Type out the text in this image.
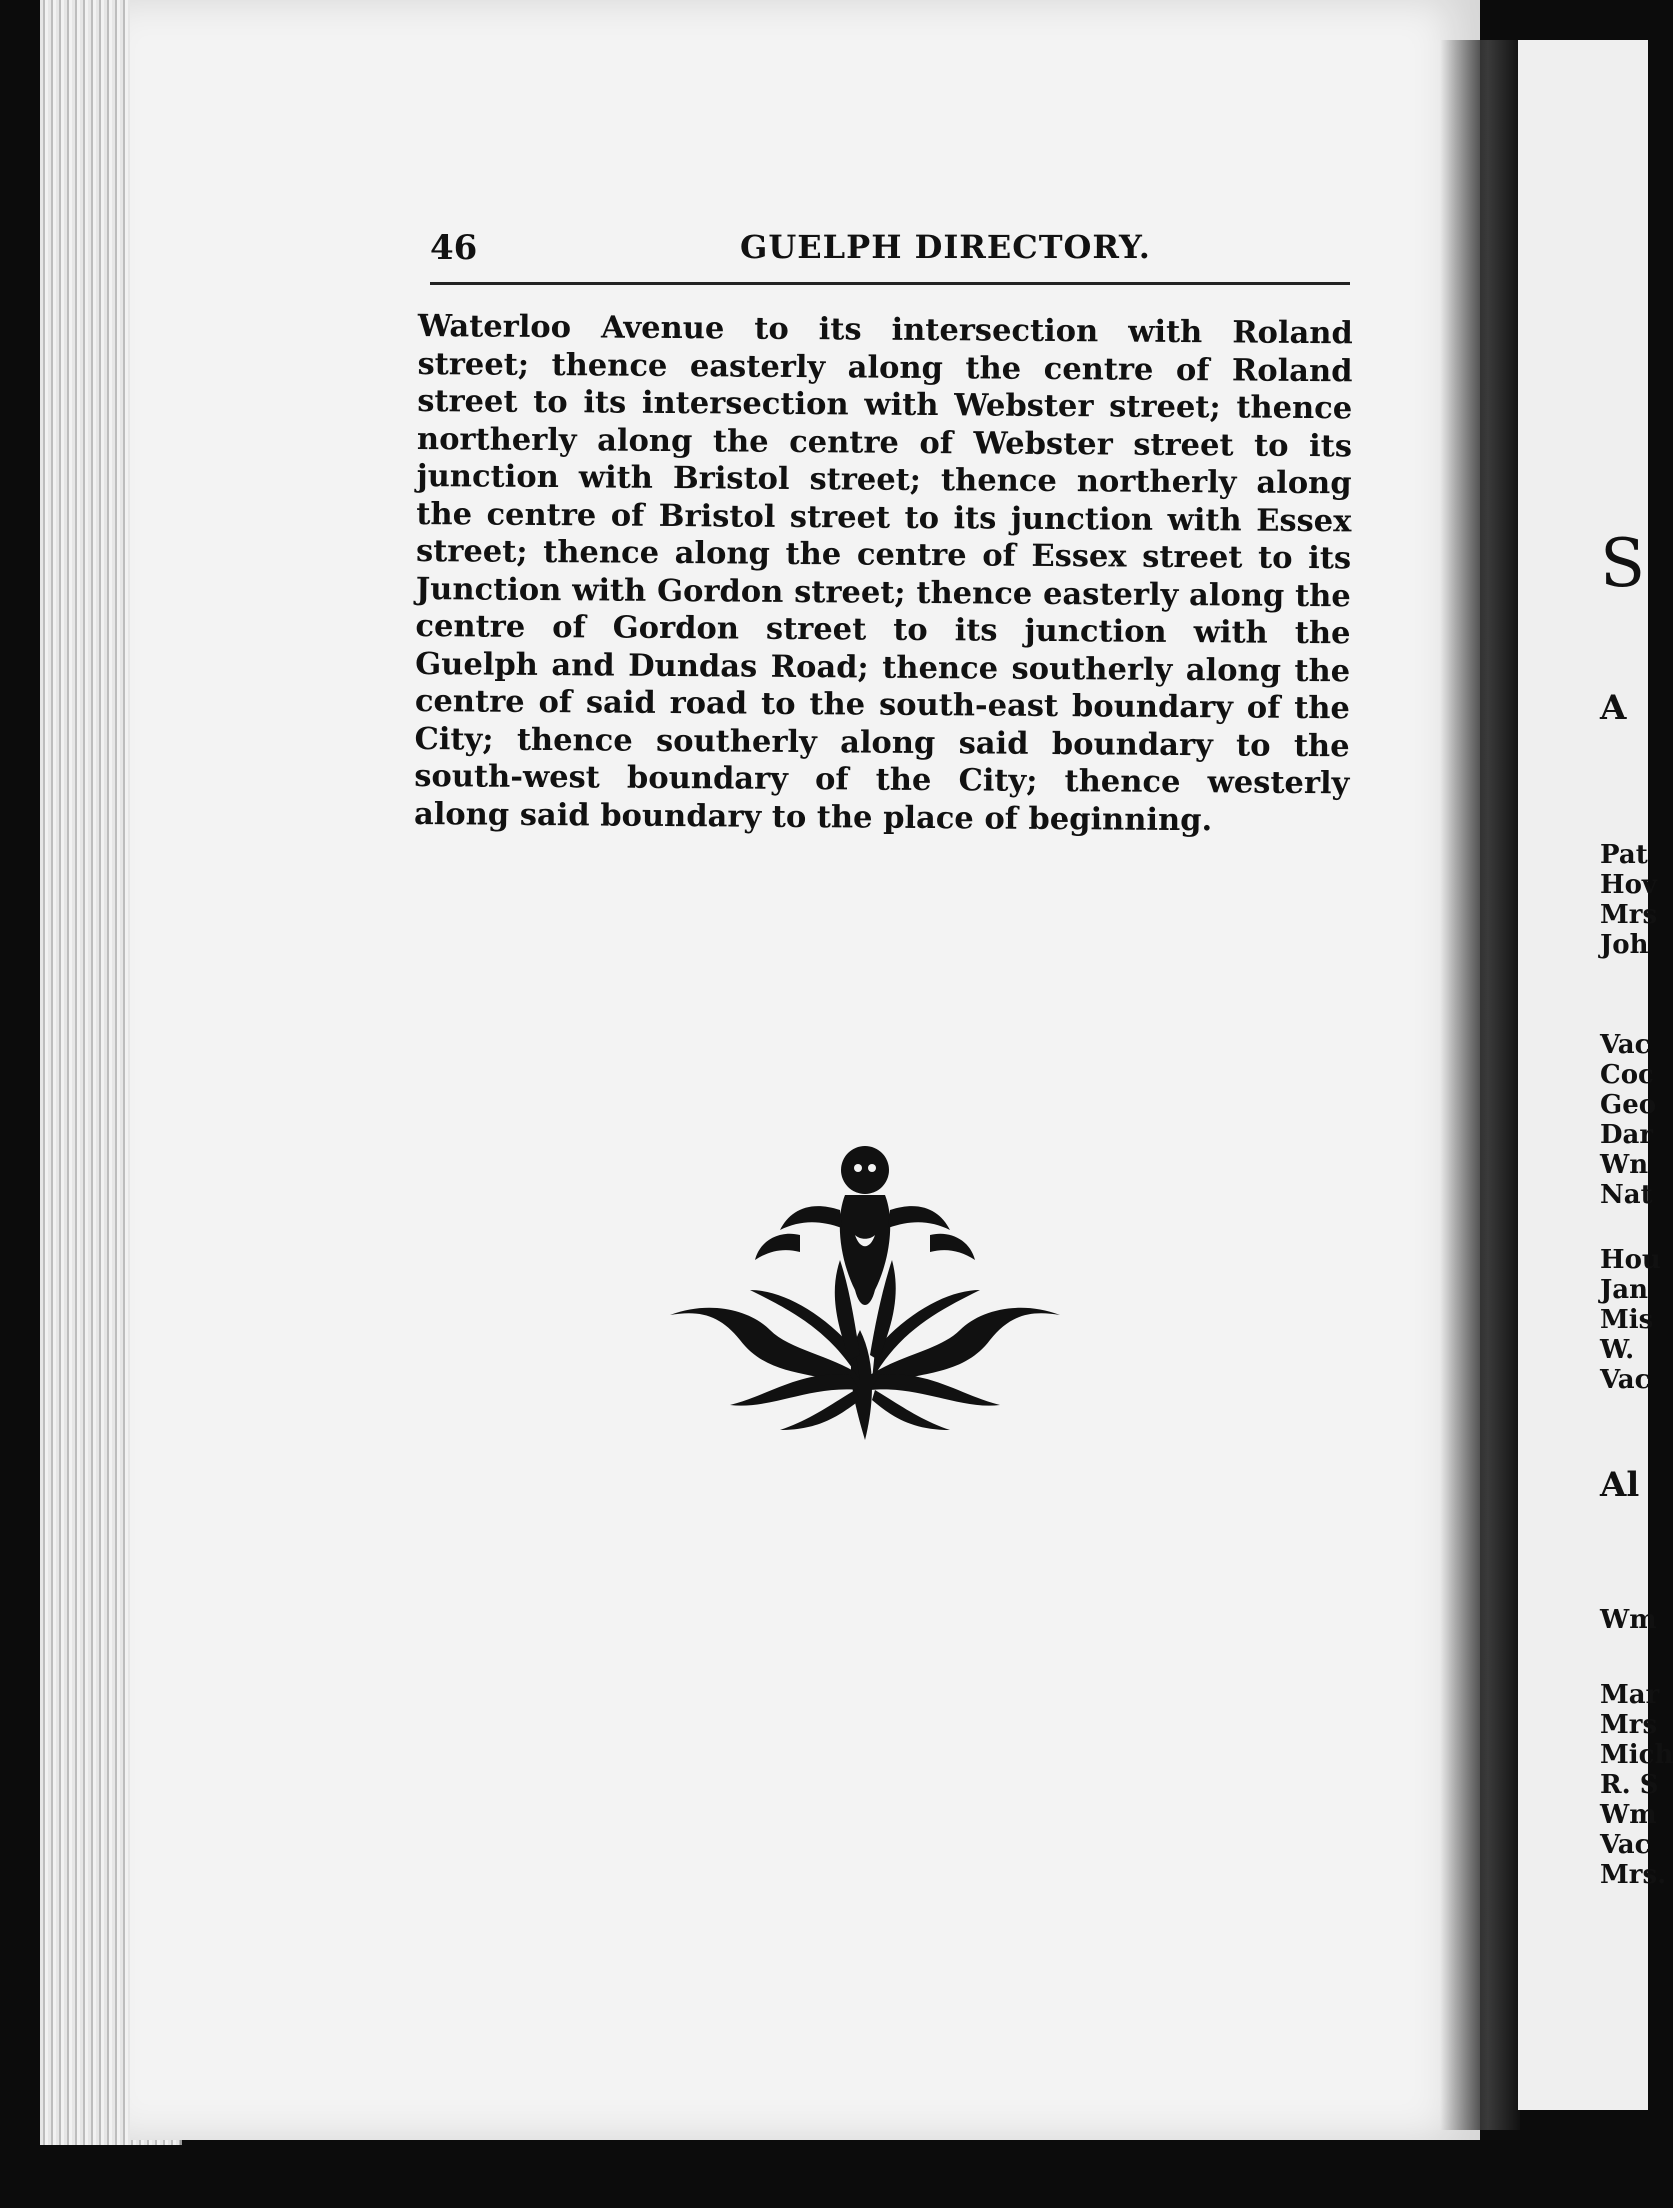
46	GUELPH DIRECTORY.
Waterloo Avenue to its intersection with Roland street; thence easterly along the centre of Roland street to its intersection with Webster street; thence northerly along the centre of Webster street to its junction with Bristol street; thence northerly along the centre of Bristol street to its junction with Essex street; thence along the centre of Essex street to its Junction with Gordon street; thence easterly along the centre of Gordon street to its junction with the Guelph and Dundas Road; thence southerly along the centre of said road to the south-east boundary of the City; thence southerly along said boundary to the south-west boundary of the City; thence westerly along said boundary to the place of beginning.
S
A
Pat
Hov
Mrs
Joh
Vac
Coc
Geo
Dar
Wn
Nat
Hou
Jan
Mis
W.
Vac
Al
Wm
Mar
Mrs
Mich
R. S
Wm
Vac
Mrs.
